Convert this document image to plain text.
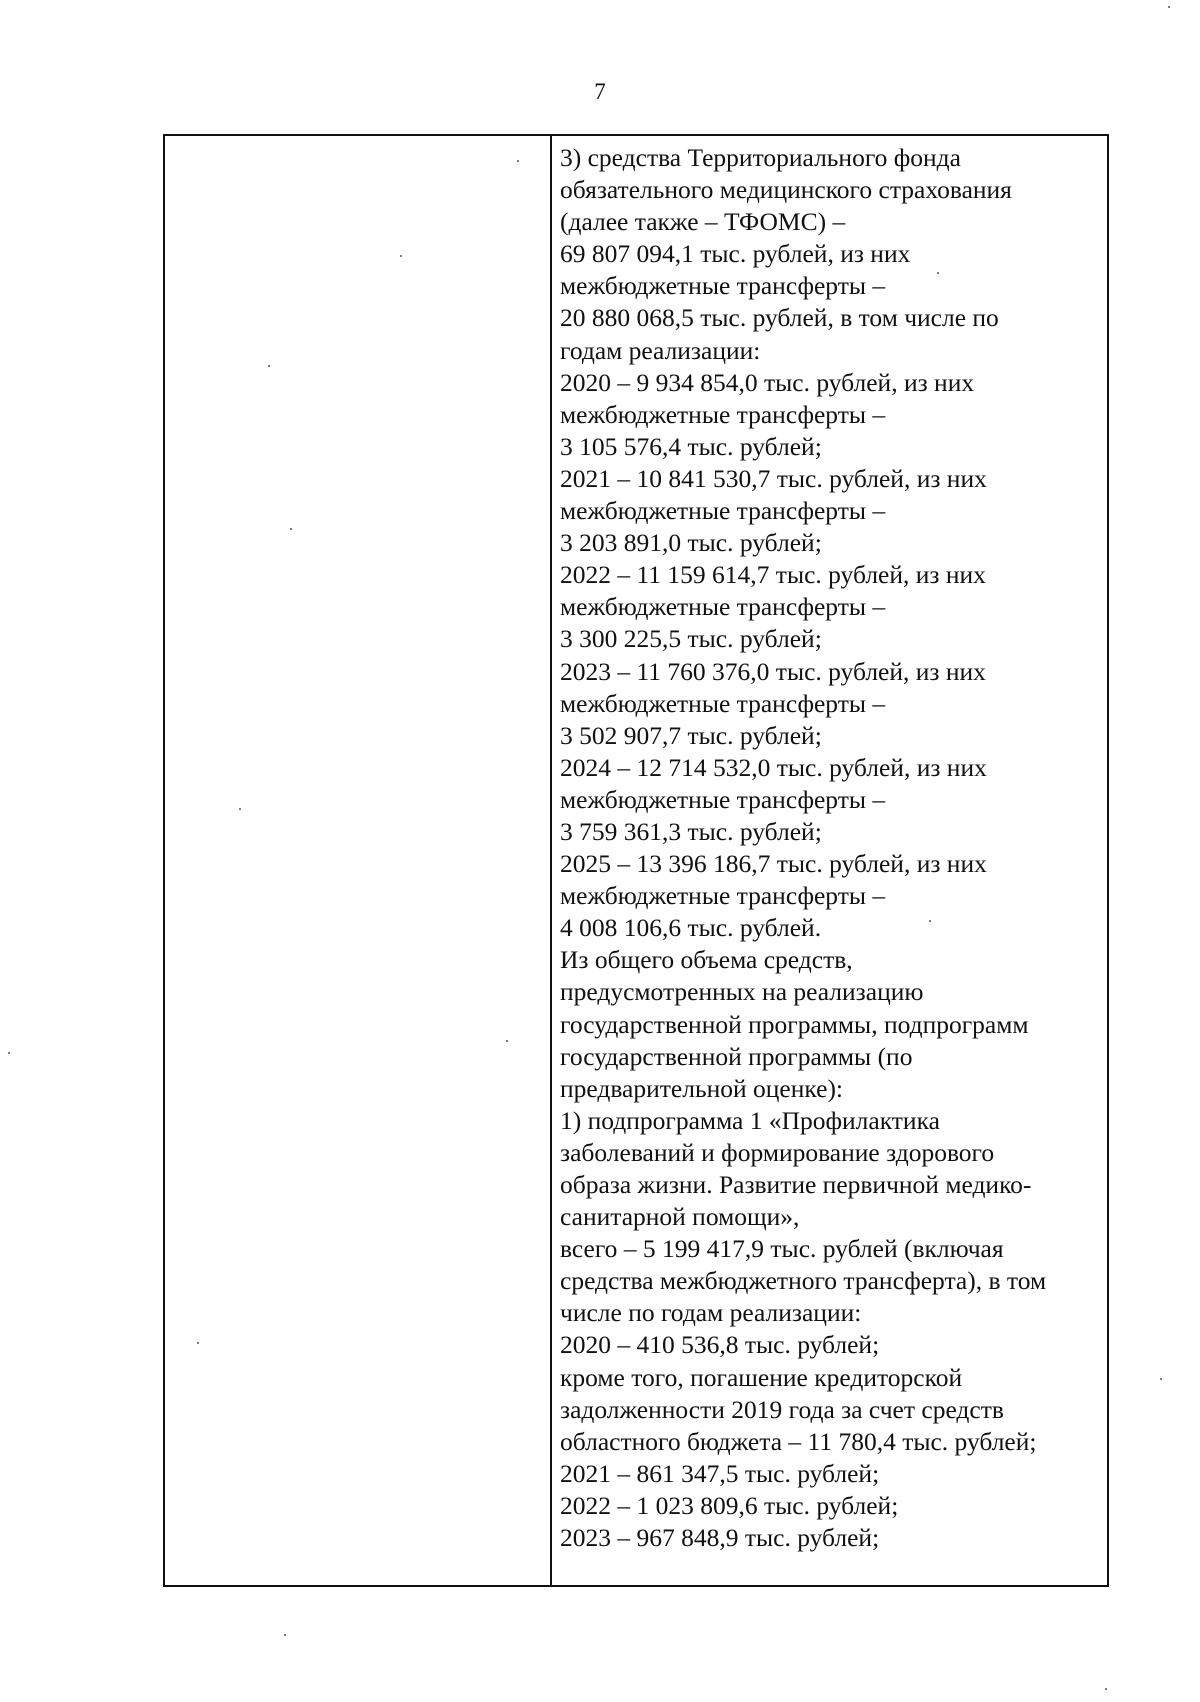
7
3) средства Территориального фонда
обязательного медицинского страхования
(далее также – ТФОМС) –
69 807 094,1 тыс. рублей, из них
межбюджетные трансферты –
20 880 068,5 тыс. рублей, в том числе по
годам реализации:
2020 – 9 934 854,0 тыс. рублей, из них
межбюджетные трансферты –
3 105 576,4 тыс. рублей;
2021 – 10 841 530,7 тыс. рублей, из них
межбюджетные трансферты –
3 203 891,0 тыс. рублей;
2022 – 11 159 614,7 тыс. рублей, из них
межбюджетные трансферты –
3 300 225,5 тыс. рублей;
2023 – 11 760 376,0 тыс. рублей, из них
межбюджетные трансферты –
3 502 907,7 тыс. рублей;
2024 – 12 714 532,0 тыс. рублей, из них
межбюджетные трансферты –
3 759 361,3 тыс. рублей;
2025 – 13 396 186,7 тыс. рублей, из них
межбюджетные трансферты –
4 008 106,6 тыс. рублей.
Из общего объема средств,
предусмотренных на реализацию
государственной программы, подпрограмм
государственной программы (по
предварительной оценке):
1) подпрограмма 1 «Профилактика
заболеваний и формирование здорового
образа жизни. Развитие первичной медико-
санитарной помощи»,
всего – 5 199 417,9 тыс. рублей (включая
средства межбюджетного трансферта), в том
числе по годам реализации:
2020 – 410 536,8 тыс. рублей;
кроме того, погашение кредиторской
задолженности 2019 года за счет средств
областного бюджета – 11 780,4 тыс. рублей;
2021 – 861 347,5 тыс. рублей;
2022 – 1 023 809,6 тыс. рублей;
2023 – 967 848,9 тыс. рублей;
